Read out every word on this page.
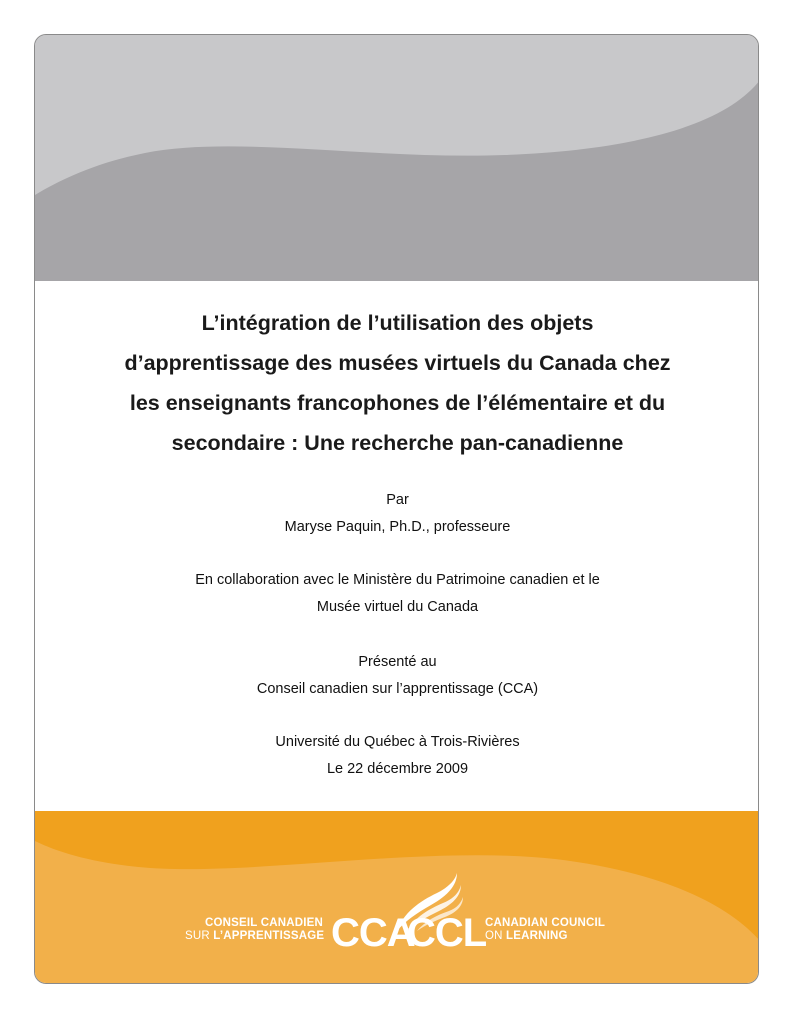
L’intégration de l’utilisation des objets
d’apprentissage des musées virtuels du Canada chez
les enseignants francophones de l’élémentaire et du
secondaire : Une recherche pan-canadienne
Par
Maryse Paquin, Ph.D., professeure
En collaboration avec le Ministère du Patrimoine canadien et le
Musée virtuel du Canada
Présenté au
Conseil canadien sur l’apprentissage (CCA)
Université du Québec à Trois-Rivières
Le 22 décembre 2009
CONSEIL CANADIEN
SUR L’APPRENTISSAGE CCA
CCL
CANADIAN COUNCIL
ON LEARNING
